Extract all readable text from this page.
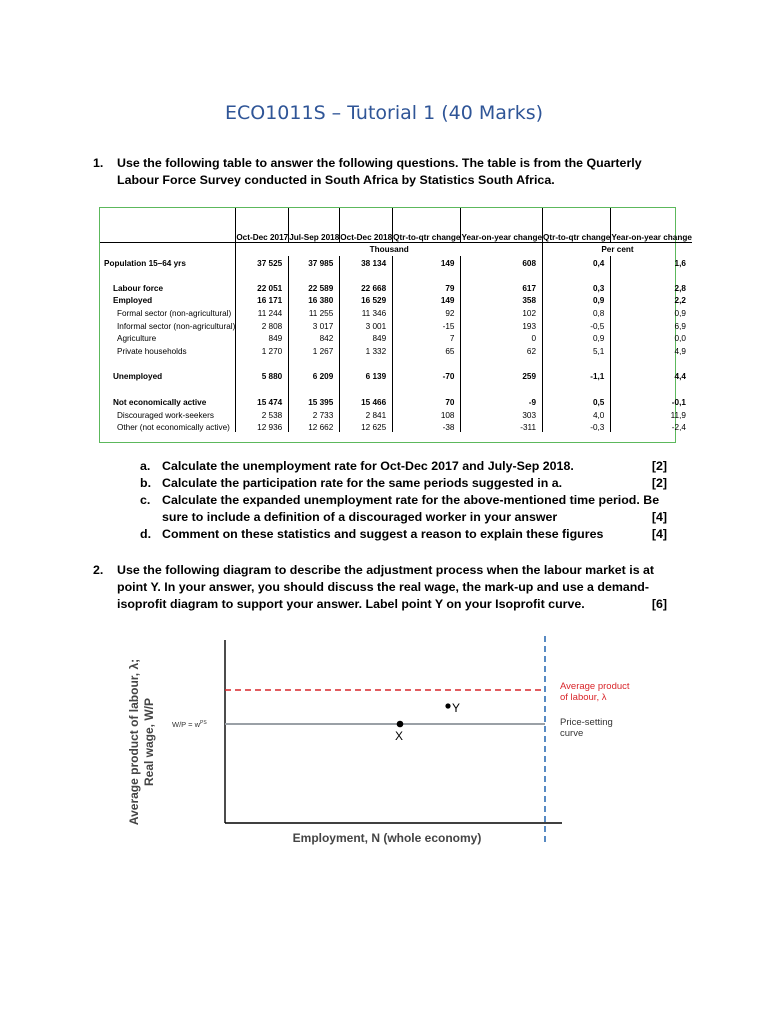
ECO1011S – Tutorial 1 (40 Marks)
1. Use the following table to answer the following questions. The table is from the Quarterly
Labour Force Survey conducted in South Africa by Statistics South Africa.
	Oct-Dec 2017	Jul-Sep 2018	Oct-Dec 2018	Qtr-to-qtr change	Year-on-year change	Qtr-to-qtr change	Year-on-year change
	Thousand					Per cent	
Population 15–64 yrs	37 525	37 985	38 134	149	608	0,4	1,6
Labour force	22 051	22 589	22 668	79	617	0,3	2,8
Employed	16 171	16 380	16 529	149	358	0,9	2,2
Formal sector (non-agricultural)	11 244	11 255	11 346	92	102	0,8	0,9
Informal sector (non-agricultural)	2 808	3 017	3 001	-15	193	-0,5	6,9
Agriculture	849	842	849	7	0	0,9	0,0
Private households	1 270	1 267	1 332	65	62	5,1	4,9
Unemployed	5 880	6 209	6 139	-70	259	-1,1	4,4
Not economically active	15 474	15 395	15 466	70	-9	0,5	-0,1
Discouraged work-seekers	2 538	2 733	2 841	108	303	4,0	11,9
Other (not economically active)	12 936	12 662	12 625	-38	-311	-0,3	-2,4
a. Calculate the unemployment rate for Oct-Dec 2017 and July-Sep 2018.	[2]
b. Calculate the participation rate for the same periods suggested in a.	[2]
c. Calculate the expanded unemployment rate for the above-mentioned time period. Be
sure to include a definition of a discouraged worker in your answer	[4]
d. Comment on these statistics and suggest a reason to explain these figures	[4]
2. Use the following diagram to describe the adjustment process when the labour market is at
point Y. In your answer, you should discuss the real wage, the mark-up and use a demand-
isoprofit diagram to support your answer. Label point Y on your Isoprofit curve.	[6]
Average product of labour, λ; Real wage, W/P $W/P = w^{PS}$
X
Y
Average product
of labour, λ
Price-setting
curve
Employment, N (whole economy)
